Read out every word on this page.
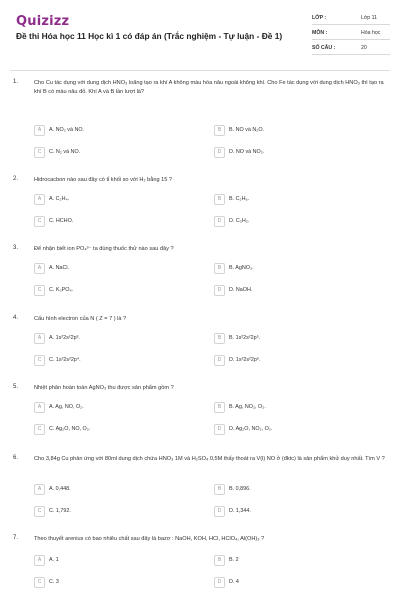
Quizizz
Đề thi Hóa học 11 Học kì 1 có đáp án (Trắc nghiệm - Tự luận - Đề 1)
LỚP :	Lớp 11
MÔN :	Hóa học
SỐ CÂU :	20
1.	Cho Cu tác dụng với dung dịch HNO₃ loãng tạo ra khí A không màu hóa nâu ngoài không khí. Cho Fe tác dụng với dung dịch HNO₃ thì tạo ra khí B có màu nâu đỏ. Khí A và B lần lượt là?
A	A. NO₂ và NO.	B	B. NO và N₂O.
C	C. N₂ và NO.	D	D. NO và NO₂.
2.	Hidrocacbon nào sau đây có tỉ khối so với H₂ bằng 15 ?
A	A. C₂H₄.	B	B. C₂H₆.
C	C. HCHO.	D	D. C₂H₂.
3.	Để nhận biết ion PO₄³⁻ ta dùng thuốc thử nào sau đây ?
A	A. NaCl.	B	B. AgNO₃.
C	C. K₃PO₄.	D	D. NaOH.
4.	Cấu hình electron của N ( Z = 7 ) là ?
A	A. 1s²2s²2p³.	B	B. 1s²2s²2p⁵.
C	C. 1s²2s²2p⁴.	D	D. 1s²2s²2p⁶.
5.	Nhiệt phân hoàn toàn AgNO₃ thu được sản phẩm gồm ?
A	A. Ag, NO, O₂.	B	B. Ag, NO₂, O₂.
C	C. Ag₂O, NO, O₂.	D	D. Ag₂O, NO₂, O₂.
6.	Cho 3,84g Cu phản ứng với 80ml dung dịch chứa HNO₃ 1M và H₂SO₄ 0,5M thấy thoát ra V(l) NO ở (đktc) là sản phẩm khử duy nhất. Tìm V ?
A	A. 0,448.	B	B. 0,896.
C	C. 1,792.	D	D. 1,344.
7.	Theo thuyết arenius có bao nhiêu chất sau đây là bazơ : NaOH, KOH, HCl, HClO₄, Al(OH)₃ ?
A	A. 1	B	B. 2
C	C. 3	D	D. 4
